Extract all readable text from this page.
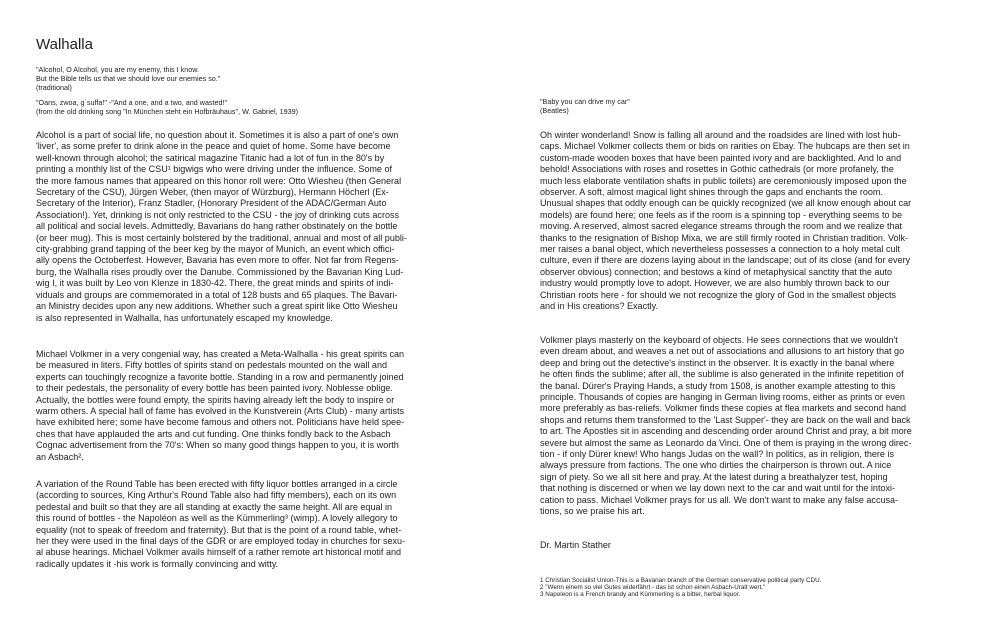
Walhalla
"Alcohol, O Alcohol, you are my enemy, this I know.
But the Bible tells us that we should love our enemies so."
(traditional)
"Oans, zwoa, g`suffa!" -"And a one, and a two, and wasted!"
(from the old drinking song "In München steht ein Hofbräuhaus", W. Gabriel, 1939)
Alcohol is a part of social life, no question about it. Sometimes it is also a part of one's own
'liver', as some prefer to drink alone in the peace and quiet of home. Some have become
well-known through alcohol; the satirical magazine Titanic had a lot of fun in the 80's by
printing a monthly list of the CSU¹ bigwigs who were driving under the influence. Some of
the more famous names that appeared on this honor roll were: Otto Wiesheu (then General
Secretary of the CSU), Jürgen Weber, (then mayor of Würzburg), Hermann Höcherl (Ex-
Secretary of the Interior), Franz Stadler, (Honorary President of the ADAC/German Auto
Association!). Yet, drinking is not only restricted to the CSU - the joy of drinking cuts across
all political and social levels. Admittedly, Bavarians do hang rather obstinately on the bottle
(or beer mug). This is most certainly bolstered by the traditional, annual and most of all publi-
city-grabbing grand tapping of the beer keg by the mayor of Munich, an event which offici-
ally opens the Octoberfest. However, Bavaria has even more to offer. Not far from Regens-
burg, the Walhalla rises proudly over the Danube. Commissioned by the Bavarian King Lud-
wig I, it was built by Leo von Klenze in 1830-42. There, the great minds and spirits of indi-
viduals and groups are commemorated in a total of 128 busts and 65 plaques. The Bavari-
an Ministry decides upon any new additions. Whether such a great spirit like Otto Wiesheu
is also represented in Walhalla, has unfortunately escaped my knowledge.
Michael Volkmer in a very congenial way, has created a Meta-Walhalla - his great spirits can
be measured in liters. Fifty bottles of spirits stand on pedestals mounted on the wall and
experts can touchingly recognize a favorite bottle. Standing in a row and permanently joined
to their pedestals, the personality of every bottle has been painted ivory. Noblesse oblige.
Actually, the bottles were found empty, the spirits having already left the body to inspire or
warm others. A special hall of fame has evolved in the Kunstverein (Arts Club) - many artists
have exhibited here; some have become famous and others not. Politicians have held spee-
ches that have applauded the arts and cut funding. One thinks fondly back to the Asbach
Cognac advertisement from the 70's: When so many good things happen to you, it is worth
an Asbach².
A variation of the Round Table has been erected with fifty liquor bottles arranged in a circle
(according to sources, King Arthur's Round Table also had fifty members), each on its own
pedestal and built so that they are all standing at exactly the same height. All are equal in
this round of bottles - the Napoléon as well as the Kümmerling³ (wimp). A lovely allegory to
equality (not to speak of freedom and fraternity). But that is the point of a round table, whet-
her they were used in the final days of the GDR or are employed today in churches for sexu-
al abuse hearings. Michael Volkmer avails himself of a rather remote art historical motif and
radically updates it -his work is formally convincing and witty.
"Baby you can drive my car"
(Beatles)
Oh winter wonderland! Snow is falling all around and the roadsides are lined with lost hub-
caps. Michael Volkmer collects them or bids on rarities on Ebay. The hubcaps are then set in
custom-made wooden boxes that have been painted ivory and are backlighted. And lo and
behold! Associations with roses and rosettes in Gothic cathedrals (or more profanely, the
much less elaborate ventilation shafts in public toilets) are ceremoniously imposed upon the
observer. A soft, almost magical light shines through the gaps and enchants the room.
Unusual shapes that oddly enough can be quickly recognized (we all know enough about car
models) are found here; one feels as if the room is a spinning top - everything seems to be
moving. A reserved, almost sacred elegance streams through the room and we realize that
thanks to the resignation of Bishop Mixa, we are still firmly rooted in Christian tradition. Volk-
mer raises a banal object, which nevertheless possesses a connection to a holy metal cult
culture, even if there are dozens laying about in the landscape; out of its close (and for every
observer obvious) connection; and bestows a kind of metaphysical sanctity that the auto
industry would promptly love to adopt. However, we are also humbly thrown back to our
Christian roots here - for should we not recognize the glory of God in the smallest objects
and in His creations? Exactly.
Volkmer plays masterly on the keyboard of objects. He sees connections that we wouldn't
even dream about, and weaves a net out of associations and allusions to art history that go
deep and bring out the detective's instinct in the observer. It is exactly in the banal where
he often finds the sublime; after all, the sublime is also generated in the infinite repetition of
the banal. Dürer's Praying Hands, a study from 1508, is another example attesting to this
principle. Thousands of copies are hanging in German living rooms, either as prints or even
more preferably as bas-reliefs. Volkmer finds these copies at flea markets and second hand
shops and returns them transformed to the 'Last Supper'- they are back on the wall and back
to art. The Apostles sit in ascending and descending order around Christ and pray, a bit more
severe but almost the same as Leonardo da Vinci. One of them is praying in the wrong direc-
tion - if only Dürer knew! Who hangs Judas on the wall? In politics, as in religion, there is
always pressure from factions. The one who dirties the chairperson is thrown out. A nice
sign of piety. So we all sit here and pray. At the latest during a breathalyzer test, hoping
that nothing is discerned or when we lay down next to the car and wait until for the intoxi-
cation to pass. Michael Volkmer prays for us all. We don't want to make any false accusa-
tions, so we praise his art.
Dr. Martin Stather
1 Christian Socialist Union-This is a Bavarian branch of the German conservative political party CDU.
2 "Wenn einem so viel Gutes widerfährt - das ist schon einen Asbach-Uralt wert."
3 Napoleon is a French brandy and Kümmerling is a bitter, herbal liquor.
